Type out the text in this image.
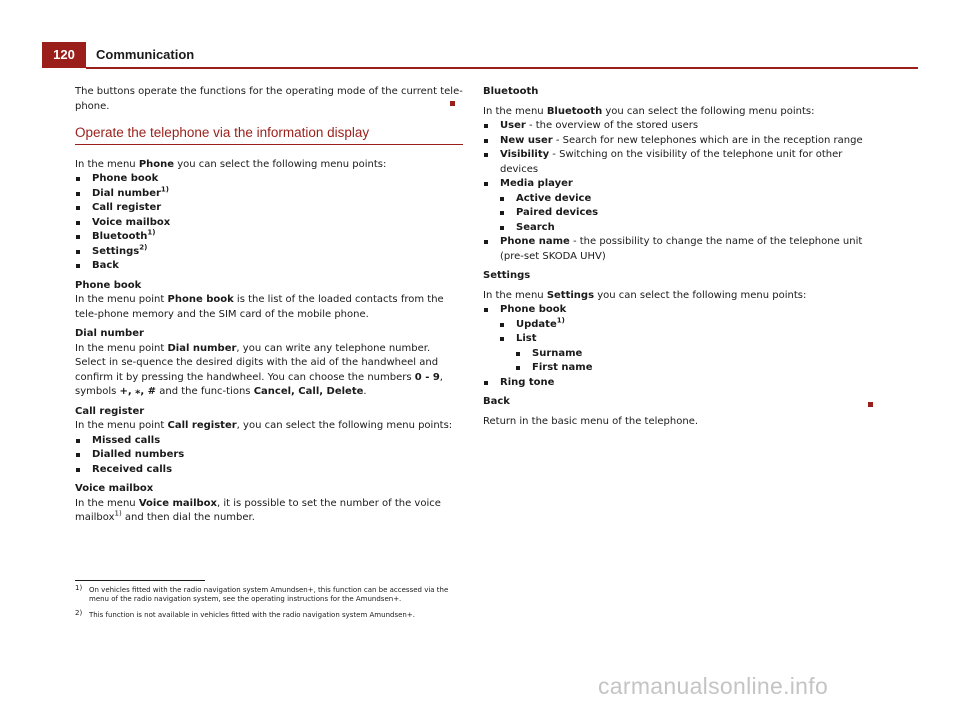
120	Communication

The buttons operate the functions for the operating mode of the current tele-phone.

Operate the telephone via the information display

In the menu Phone you can select the following menu points:

Phone book
Dial number$^{1)}$
Call register
Voice mailbox
Bluetooth$^{1)}$
Settings$^{2)}$
Back

Phone book

In the menu point Phone book is the list of the loaded contacts from the tele-phone memory and the SIM card of the mobile phone.

Dial number

In the menu point Dial number, you can write any telephone number. Select in se-quence the desired digits with the aid of the handwheel and confirm it by pressing the handwheel. You can choose the numbers 0 - 9, symbols +, ⁎, # and the func-tions Cancel, Call, Delete.

Call register

In the menu point Call register, you can select the following menu points:

Missed calls
Dialled numbers
Received calls

Voice mailbox

In the menu Voice mailbox, it is possible to set the number of the voice mailbox$^{1)}$ and then dial the number.

Bluetooth

In the menu Bluetooth you can select the following menu points:

User - the overview of the stored users
New user - Search for new telephones which are in the reception range
Visibility - Switching on the visibility of the telephone unit for other devices
Media player
Active device
Paired devices
Search
Phone name - the possibility to change the name of the telephone unit (pre-set SKODA UHV)

Settings

In the menu Settings you can select the following menu points:

Phone book
Update$^{1)}$
List
Surname
First name
Ring tone

Back

Return in the basic menu of the telephone.

1) On vehicles fitted with the radio navigation system Amundsen+, this function can be accessed via the menu of the radio navigation system, see the operating instructions for the Amundsen+.
2) This function is not available in vehicles fitted with the radio navigation system Amundsen+.
carmanualsonline.info
